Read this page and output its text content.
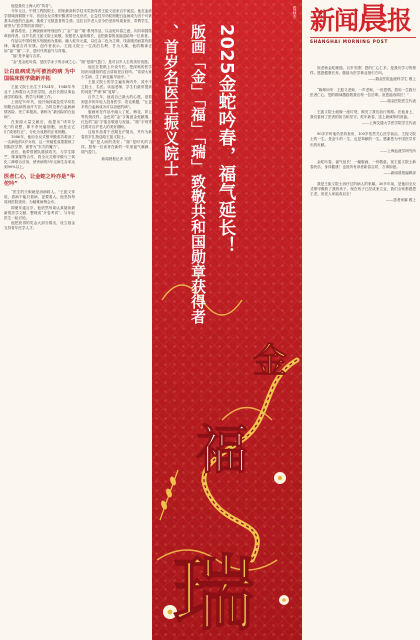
他是我们上海人的“传奇”。

今年元旦，中国工程院院士、国家最高科学技术奖获得者王振义迎来百岁诞辰。他在血液学领域深耕数十年，首创全反式维甲酸诱导分化疗法，让急性早幼粒细胞白血病成为首个可被基本治愈的白血病，挽救了无数患者的生命。这位百岁老人至今仍坚持每周查房、带教学生，被誉为“医学界的常青树”。

新春将至，上海版画家特别创作了“金”“福”“瑞”系列作品，以金蛇吟春之意，向共和国勋章获得者、百岁名医王振义院士致敬，祝愿老人福寿绵长，也把新春的祝福送给每一位读者。

作品以中国传统木刻版画为基础，融入蛇年元素，以红金二色为主调，线条刚劲而富有韵律，寓意吉祥安康。创作者表示，王振义院士一生淡泊名利、甘为人梯，他的精神正如“福”“瑞”二字，是时代的福气与祥瑞。

“福”是幸福与吉祥。

“金”是金蛇吟春，是医学赤子的赤诚之心；“瑞”是瑞气盈门，是对百岁人生的美好祝愿。

让白血病成为可被治的病 为中国临床医学做新开拓

王振义院士出生于1924年，1948年毕业于上海震旦大学医学院，此后长期从事血液学的临床、教学与科研工作。

上世纪70年代，他开始探索急性早幼粒细胞白血病的治疗方法。当时这种白血病病情凶险、死亡率极高，被称为“最凶险的白血病”。

在查阅大量文献后，他提出“诱导分化”的设想，即不杀死癌细胞，而是让它们“改邪归正”，分化为成熟的正常细胞。

1986年，他用全反式维甲酸成功救治了一名病危的5岁女孩，这一突破性成果震惊了国际医学界，被誉为“东方的魔力”。

此后，他带领团队继续攻关，与学生陈竺、陈赛娟等合作，将全反式维甲酸与三氧化二砷联合应用，使该病的5年无病生存率达到90%以上。

医者仁心，让金蛇之吟亦是“华佗吟”

“医生的天职就是治病救人。”王振义常说，看病不能只看病，更要看人。他坚持每周到医院查房，为疑难病例会诊。

即便年逾百岁，他依然每周认真阅读最新的医学文献，整理成“开卷考试”，与年轻医生一起讨论。

他把获得的奖金大部分捐出，设立基金支持青年医学人才。

他还在报纸上开设专栏，把深奥的医学知识用通俗的语言讲给老百姓听。“希望大家少生病，生了病也能早治疗。”

王振义院士的学生遍布海内外，其中不乏院士、名医。谈起老师，学生们最常提到的词是“严谨”和“宽厚”。

百岁之年，他说自己最大的心愿，是看到更多的年轻人投身医学、攻克难题，“让更多的白血病成为可以治愈的病”。

版画家在作品中融入了蛇、梅花、祥云等传统纹样，金色的“金”字寓意金蛇献瑞，红色的“福”字饱含敬意与祝福，“瑞”字则寄托着对百岁老人的美好期盼。

这组作品将于近期在沪展出，并作为新春贺岁礼物送给王振义院士。

“福”是人间的美好；“瑞”是时代的吉祥。愿每一位读者在新的一年里福气满满、瑞气盈门。

新闻晨报记者 吴青	2025金蛇吟春，福气延长！
版画「金」「福」「瑞」致敬共和国勋章获得者
、首岁名医王振义院士
图/林杰
金
福
瑞
新闻晨报
SHANGHAI MORNING POST

祝老师金蛇献瑞，百岁安康！您的仁心仁术，是我们学习的榜样。愿您健康长寿，继续为医学事业指引方向。

——瑞金医院血液科学生 敬上

“晚辈问安：王振义老师，一声老师，一世恩情。您用一生践行医者仁心，您的精神激励着我们每一位后辈。祝您福寿绵长！”

——瑞金医院医生代表

王振义院士就像一座灯塔，照亮了我们前行的路。在他身上，我们看到了医者的担当和坚守。蛇年新春，送上最诚挚的祝福。

——上海交通大学医学院学生代表

90多岁时他仍坚持查房，100岁依然关心医学前沿，王振义院士的一生，是奋斗的一生，也是奉献的一生。感谢您为中国医学作出的贡献。

——上海血液学研究所

金蛇吟春，福气延长！一幅版画，一份敬意。祝王振义院士新春快乐，身体健康！也祝所有读者新春吉祥，万事如意。

——新闻晨报编辑部

我是王振义院士治疗过的病人的家属。30多年前，是他用全反式维甲酸救了我的孩子。现在孩子已经成家立业，我们全家都感恩王老。祝老人家福寿双全！

——患者家属 敬上
